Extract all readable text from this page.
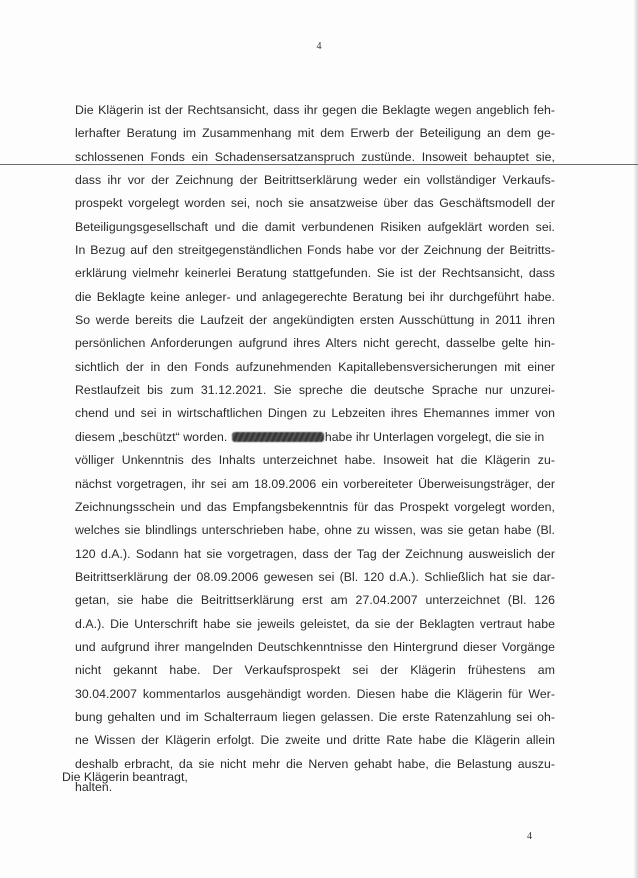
4
Die Klägerin ist der Rechtsansicht, dass ihr gegen die Beklagte wegen angeblich feh-
lerhafter Beratung im Zusammenhang mit dem Erwerb der Beteiligung an dem ge-
schlossenen Fonds ein Schadensersatzanspruch zustünde. Insoweit behauptet sie,
dass ihr vor der Zeichnung der Beitrittserklärung weder ein vollständiger Verkaufs-
prospekt vorgelegt worden sei, noch sie ansatzweise über das Geschäftsmodell der
Beteiligungsgesellschaft und die damit verbundenen Risiken aufgeklärt worden sei.
In Bezug auf den streitgegenständlichen Fonds habe vor der Zeichnung der Beitritts-
erklärung vielmehr keinerlei Beratung stattgefunden. Sie ist der Rechtsansicht, dass
die Beklagte keine anleger- und anlagegerechte Beratung bei ihr durchgeführt habe.
So werde bereits die Laufzeit der angekündigten ersten Ausschüttung in 2011 ihren
persönlichen Anforderungen aufgrund ihres Alters nicht gerecht, dasselbe gelte hin-
sichtlich der in den Fonds aufzunehmenden Kapitallebensversicherungen mit einer
Restlaufzeit bis zum 31.12.2021. Sie spreche die deutsche Sprache nur unzurei-
chend und sei in wirtschaftlichen Dingen zu Lebzeiten ihres Ehemannes immer von
diesem „beschützt“ worden.	habe ihr Unterlagen vorgelegt, die sie in
völliger Unkenntnis des Inhalts unterzeichnet habe. Insoweit hat die Klägerin zu-
nächst vorgetragen, ihr sei am 18.09.2006 ein vorbereiteter Überweisungsträger, der
Zeichnungsschein und das Empfangsbekenntnis für das Prospekt vorgelegt worden,
welches sie blindlings unterschrieben habe, ohne zu wissen, was sie getan habe (Bl.
120 d.A.). Sodann hat sie vorgetragen, dass der Tag der Zeichnung ausweislich der
Beitrittserklärung der 08.09.2006 gewesen sei (Bl. 120 d.A.). Schließlich hat sie dar-
getan, sie habe die Beitrittserklärung erst am 27.04.2007 unterzeichnet (Bl. 126
d.A.). Die Unterschrift habe sie jeweils geleistet, da sie der Beklagten vertraut habe
und aufgrund ihrer mangelnden Deutschkenntnisse den Hintergrund dieser Vorgänge
nicht gekannt habe. Der Verkaufsprospekt sei der Klägerin frühestens am
30.04.2007 kommentarlos ausgehändigt worden. Diesen habe die Klägerin für Wer-
bung gehalten und im Schalterraum liegen gelassen. Die erste Ratenzahlung sei oh-
ne Wissen der Klägerin erfolgt. Die zweite und dritte Rate habe die Klägerin allein
deshalb erbracht, da sie nicht mehr die Nerven gehabt habe, die Belastung auszu-
halten.
Die Klägerin beantragt,
4
